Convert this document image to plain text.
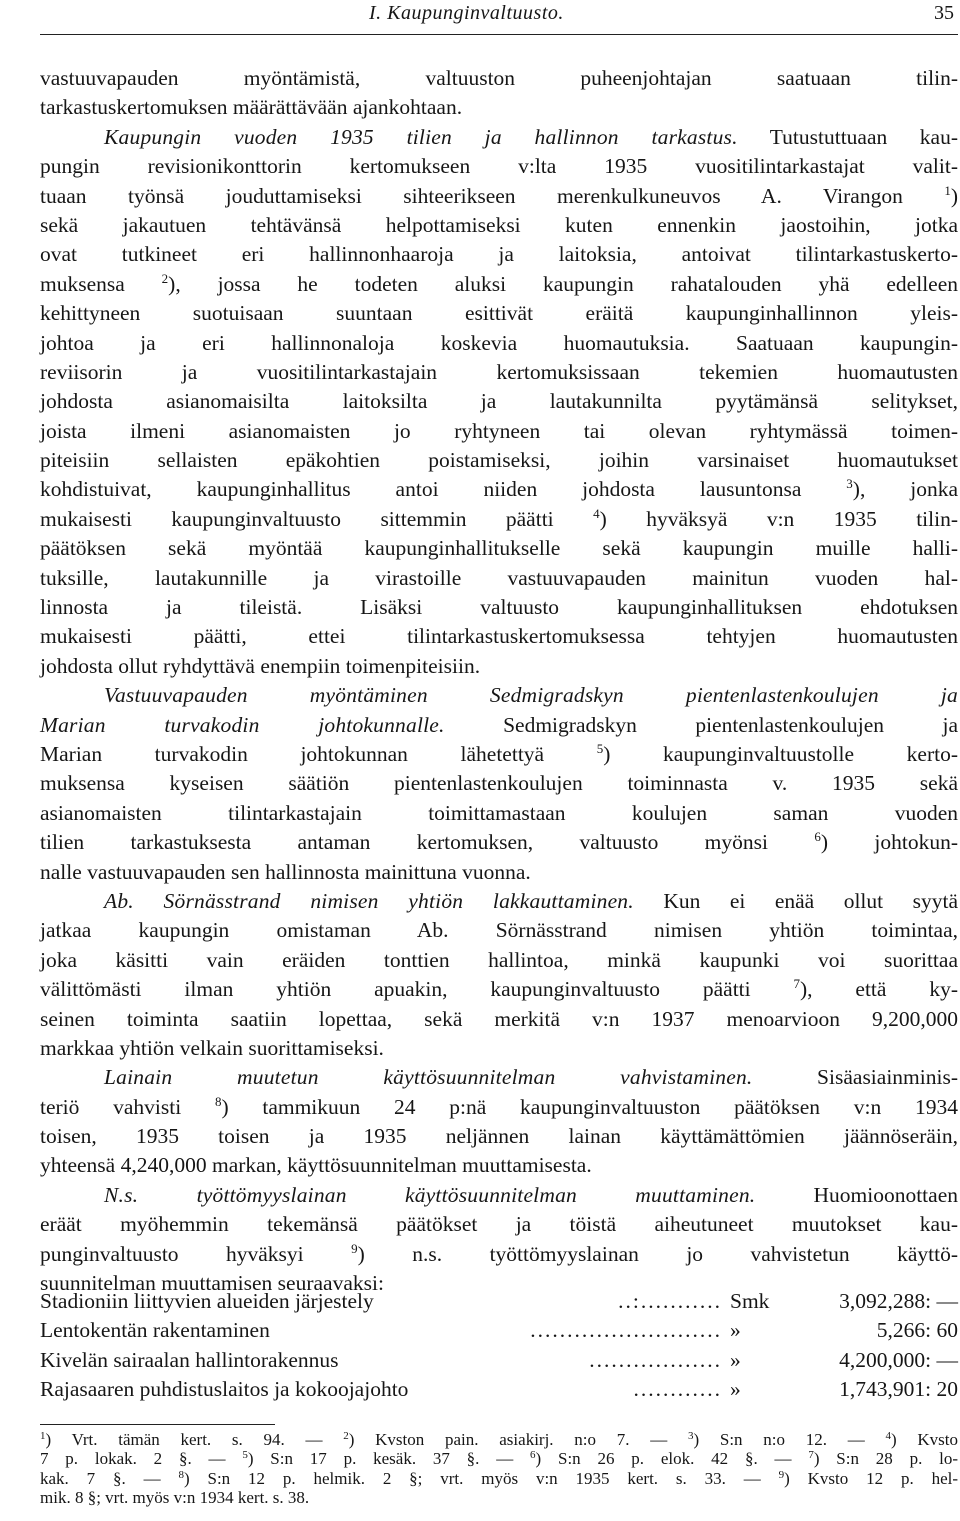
I. Kaupunginvaltuusto.	35
vastuuvapauden myöntämistä, valtuuston puheenjohtajan saatuaan tilin-
tarkastuskertomuksen määrättävään ajankohtaan.
Kaupungin vuoden 1935 tilien ja hallinnon tarkastus. Tutustuttuaan kau-
pungin revisionikonttorin kertomukseen v:lta 1935 vuositilintarkastajat valit-
tuaan työnsä jouduttamiseksi sihteerikseen merenkulkuneuvos A. Virangon $^1$)
sekä jakautuen tehtävänsä helpottamiseksi kuten ennenkin jaostoihin, jotka
ovat tutkineet eri hallinnonhaaroja ja laitoksia, antoivat tilintarkastuskerto-
muksensa $^2$), jossa he todeten aluksi kaupungin rahatalouden yhä edelleen
kehittyneen suotuisaan suuntaan esittivät eräitä kaupunginhallinnon yleis-
johtoa ja eri hallinnonaloja koskevia huomautuksia. Saatuaan kaupungin-
reviisorin ja vuositilintarkastajain kertomuksissaan tekemien huomautusten
johdosta asianomaisilta laitoksilta ja lautakunnilta pyytämänsä selitykset,
joista ilmeni asianomaisten jo ryhtyneen tai olevan ryhtymässä toimen-
piteisiin sellaisten epäkohtien poistamiseksi, joihin varsinaiset huomautukset
kohdistuivat, kaupunginhallitus antoi niiden johdosta lausuntonsa $^3$), jonka
mukaisesti kaupunginvaltuusto sittemmin päätti $^4$) hyväksyä v:n 1935 tilin-
päätöksen sekä myöntää kaupunginhallitukselle sekä kaupungin muille halli-
tuksille, lautakunnille ja virastoille vastuuvapauden mainitun vuoden hal-
linnosta ja tileistä. Lisäksi valtuusto kaupunginhallituksen ehdotuksen
mukaisesti päätti, ettei tilintarkastuskertomuksessa tehtyjen huomautusten
johdosta ollut ryhdyttävä enempiin toimenpiteisiin.
Vastuuvapauden myöntäminen Sedmigradskyn pientenlastenkoulujen ja
Marian turvakodin johtokunnalle. Sedmigradskyn pientenlastenkoulujen ja
Marian turvakodin johtokunnan lähetettyä $^5$) kaupunginvaltuustolle kerto-
muksensa kyseisen säätiön pientenlastenkoulujen toiminnasta v. 1935 sekä
asianomaisten tilintarkastajain toimittamastaan koulujen saman vuoden
tilien tarkastuksesta antaman kertomuksen, valtuusto myönsi $^6$) johtokun-
nalle vastuuvapauden sen hallinnosta mainittuna vuonna.
Ab. Sörnässtrand nimisen yhtiön lakkauttaminen. Kun ei enää ollut syytä
jatkaa kaupungin omistaman Ab. Sörnässtrand nimisen yhtiön toimintaa,
joka käsitti vain eräiden tonttien hallintoa, minkä kaupunki voi suorittaa
välittömästi ilman yhtiön apuakin, kaupunginvaltuusto päätti $^7$), että ky-
seinen toiminta saatiin lopettaa, sekä merkitä v:n 1937 menoarvioon 9,200,000
markkaa yhtiön velkain suorittamiseksi.
Lainain muutetun käyttösuunnitelman vahvistaminen. Sisäasiainminis-
teriö vahvisti $^8$) tammikuun 24 p:nä kaupunginvaltuuston päätöksen v:n 1934
toisen, 1935 toisen ja 1935 neljännen lainan käyttämättömien jäännöseräin,
yhteensä 4,240,000 markan, käyttösuunnitelman muuttamisesta.
N.s. työttömyyslainan käyttösuunnitelman muuttaminen. Huomioonottaen
eräät myöhemmin tekemänsä päätökset ja töistä aiheutuneet muutokset kau-
punginvaltuusto hyväksyi $^9$) n.s. työttömyyslainan jo vahvistetun käyttö-
suunnitelman muuttamisen seuraavaksi:
Stadioniin liittyvien alueiden järjestely	..:........... Smk	3,092,288: —
Lentokentän rakentaminen	.......................... »	5,266: 60
Kivelän sairaalan hallintorakennus	.................. »	4,200,000: —
Rajasaaren puhdistuslaitos ja kokoojajohto	............ »	1,743,901: 20
$^1$) Vrt. tämän kert. s. 94. — $^2$) Kvston pain. asiakirj. n:o 7. — $^3$) S:n n:o 12. — $^4$) Kvsto
7 p. lokak. 2 §. — $^5$) S:n 17 p. kesäk. 37 §. — $^6$) S:n 26 p. elok. 42 §. — $^7$) S:n 28 p. lo-
kak. 7 §. — $^8$) S:n 12 p. helmik. 2 §; vrt. myös v:n 1935 kert. s. 33. — $^9$) Kvsto 12 p. hel-
mik. 8 §; vrt. myös v:n 1934 kert. s. 38.
